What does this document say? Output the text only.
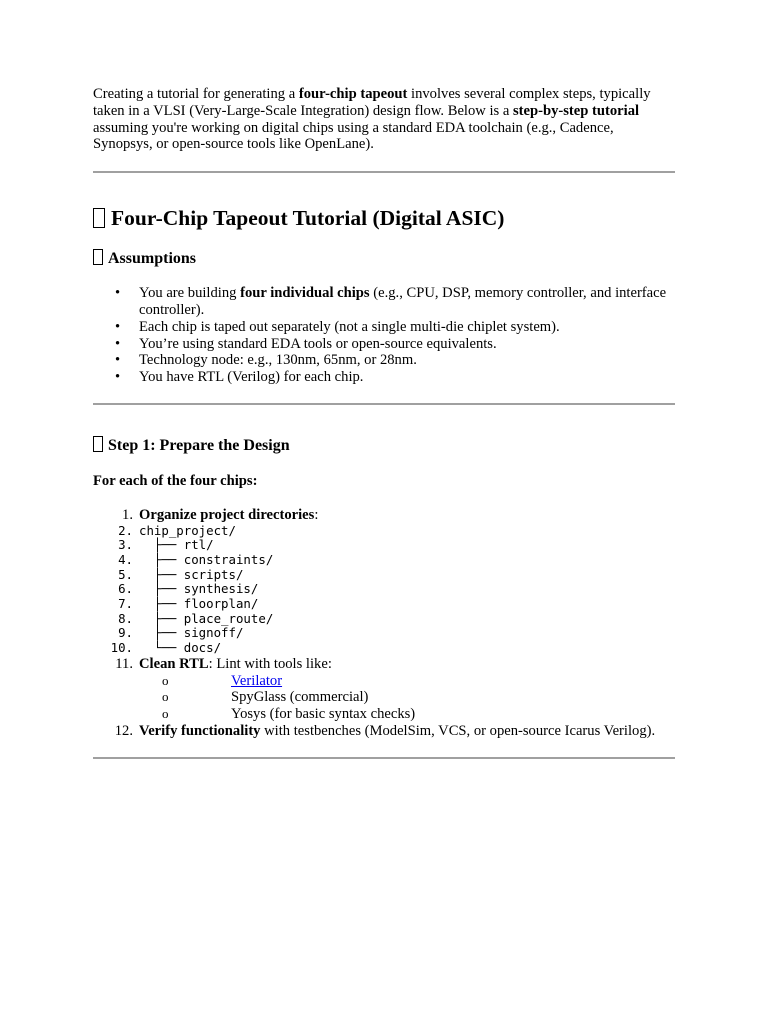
Creating a tutorial for generating a four-chip tapeout involves several complex steps, typically taken in a VLSI (Very-Large-Scale Integration) design flow. Below is a step-by-step tutorial assuming you're working on digital chips using a standard EDA toolchain (e.g., Cadence, Synopsys, or open-source tools like OpenLane).

Four-Chip Tapeout Tutorial (Digital ASIC)
Assumptions
• You are building four individual chips (e.g., CPU, DSP, memory controller, and interface controller).
• Each chip is taped out separately (not a single multi-die chiplet system).
• You’re using standard EDA tools or open-source equivalents.
• Technology node: e.g., 130nm, 65nm, or 28nm.
• You have RTL (Verilog) for each chip.
Step 1: Prepare the Design

For each of the four chips:

1. Organize project directories:
2. chip_project/
3. ├── rtl/
4. ├── constraints/
5. ├── scripts/
6. ├── synthesis/
7. ├── floorplan/
8. ├── place_route/
9. ├── signoff/
10. └── docs/
11. Clean RTL: Lint with tools like:
o	Verilator
o	SpyGlass (commercial)
o	Yosys (for basic syntax checks)
12. Verify functionality with testbenches (ModelSim, VCS, or open-source Icarus Verilog).
